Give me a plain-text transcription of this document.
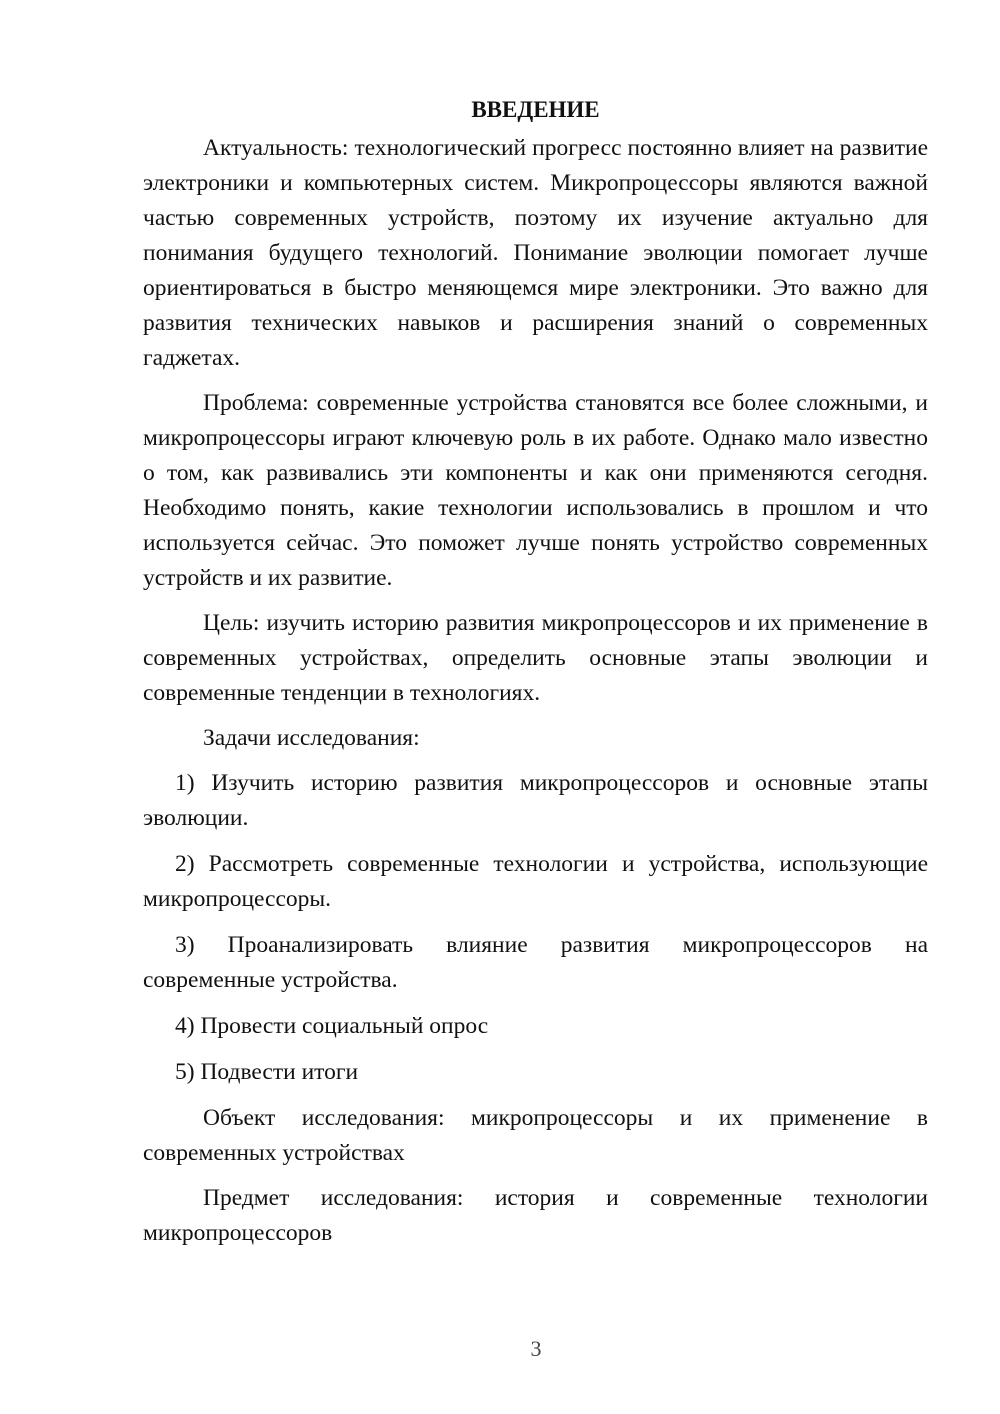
ВВЕДЕНИЕ
Актуальность: технологический прогресс постоянно влияет на развитие электроники и компьютерных систем. Микропроцессоры являются важной частью современных устройств, поэтому их изучение актуально для понимания будущего технологий. Понимание эволюции помогает лучше ориентироваться в быстро меняющемся мире электроники. Это важно для развития технических навыков и расширения знаний о современных гаджетах.
Проблема: современные устройства становятся все более сложными, и микропроцессоры играют ключевую роль в их работе. Однако мало известно о том, как развивались эти компоненты и как они применяются сегодня. Необходимо понять, какие технологии использовались в прошлом и что используется сейчас. Это поможет лучше понять устройство современных устройств и их развитие.
Цель: изучить историю развития микропроцессоров и их применение в современных устройствах, определить основные этапы эволюции и современные тенденции в технологиях.
Задачи исследования:
1) Изучить историю развития микропроцессоров и основные этапы эволюции.
2) Рассмотреть современные технологии и устройства, использующие микропроцессоры.
3) Проанализировать влияние развития микропроцессоров на современные устройства.
4) Провести социальный опрос
5) Подвести итоги
Объект исследования: микропроцессоры и их применение в современных устройствах
Предмет исследования: история и современные технологии микропроцессоров
3
